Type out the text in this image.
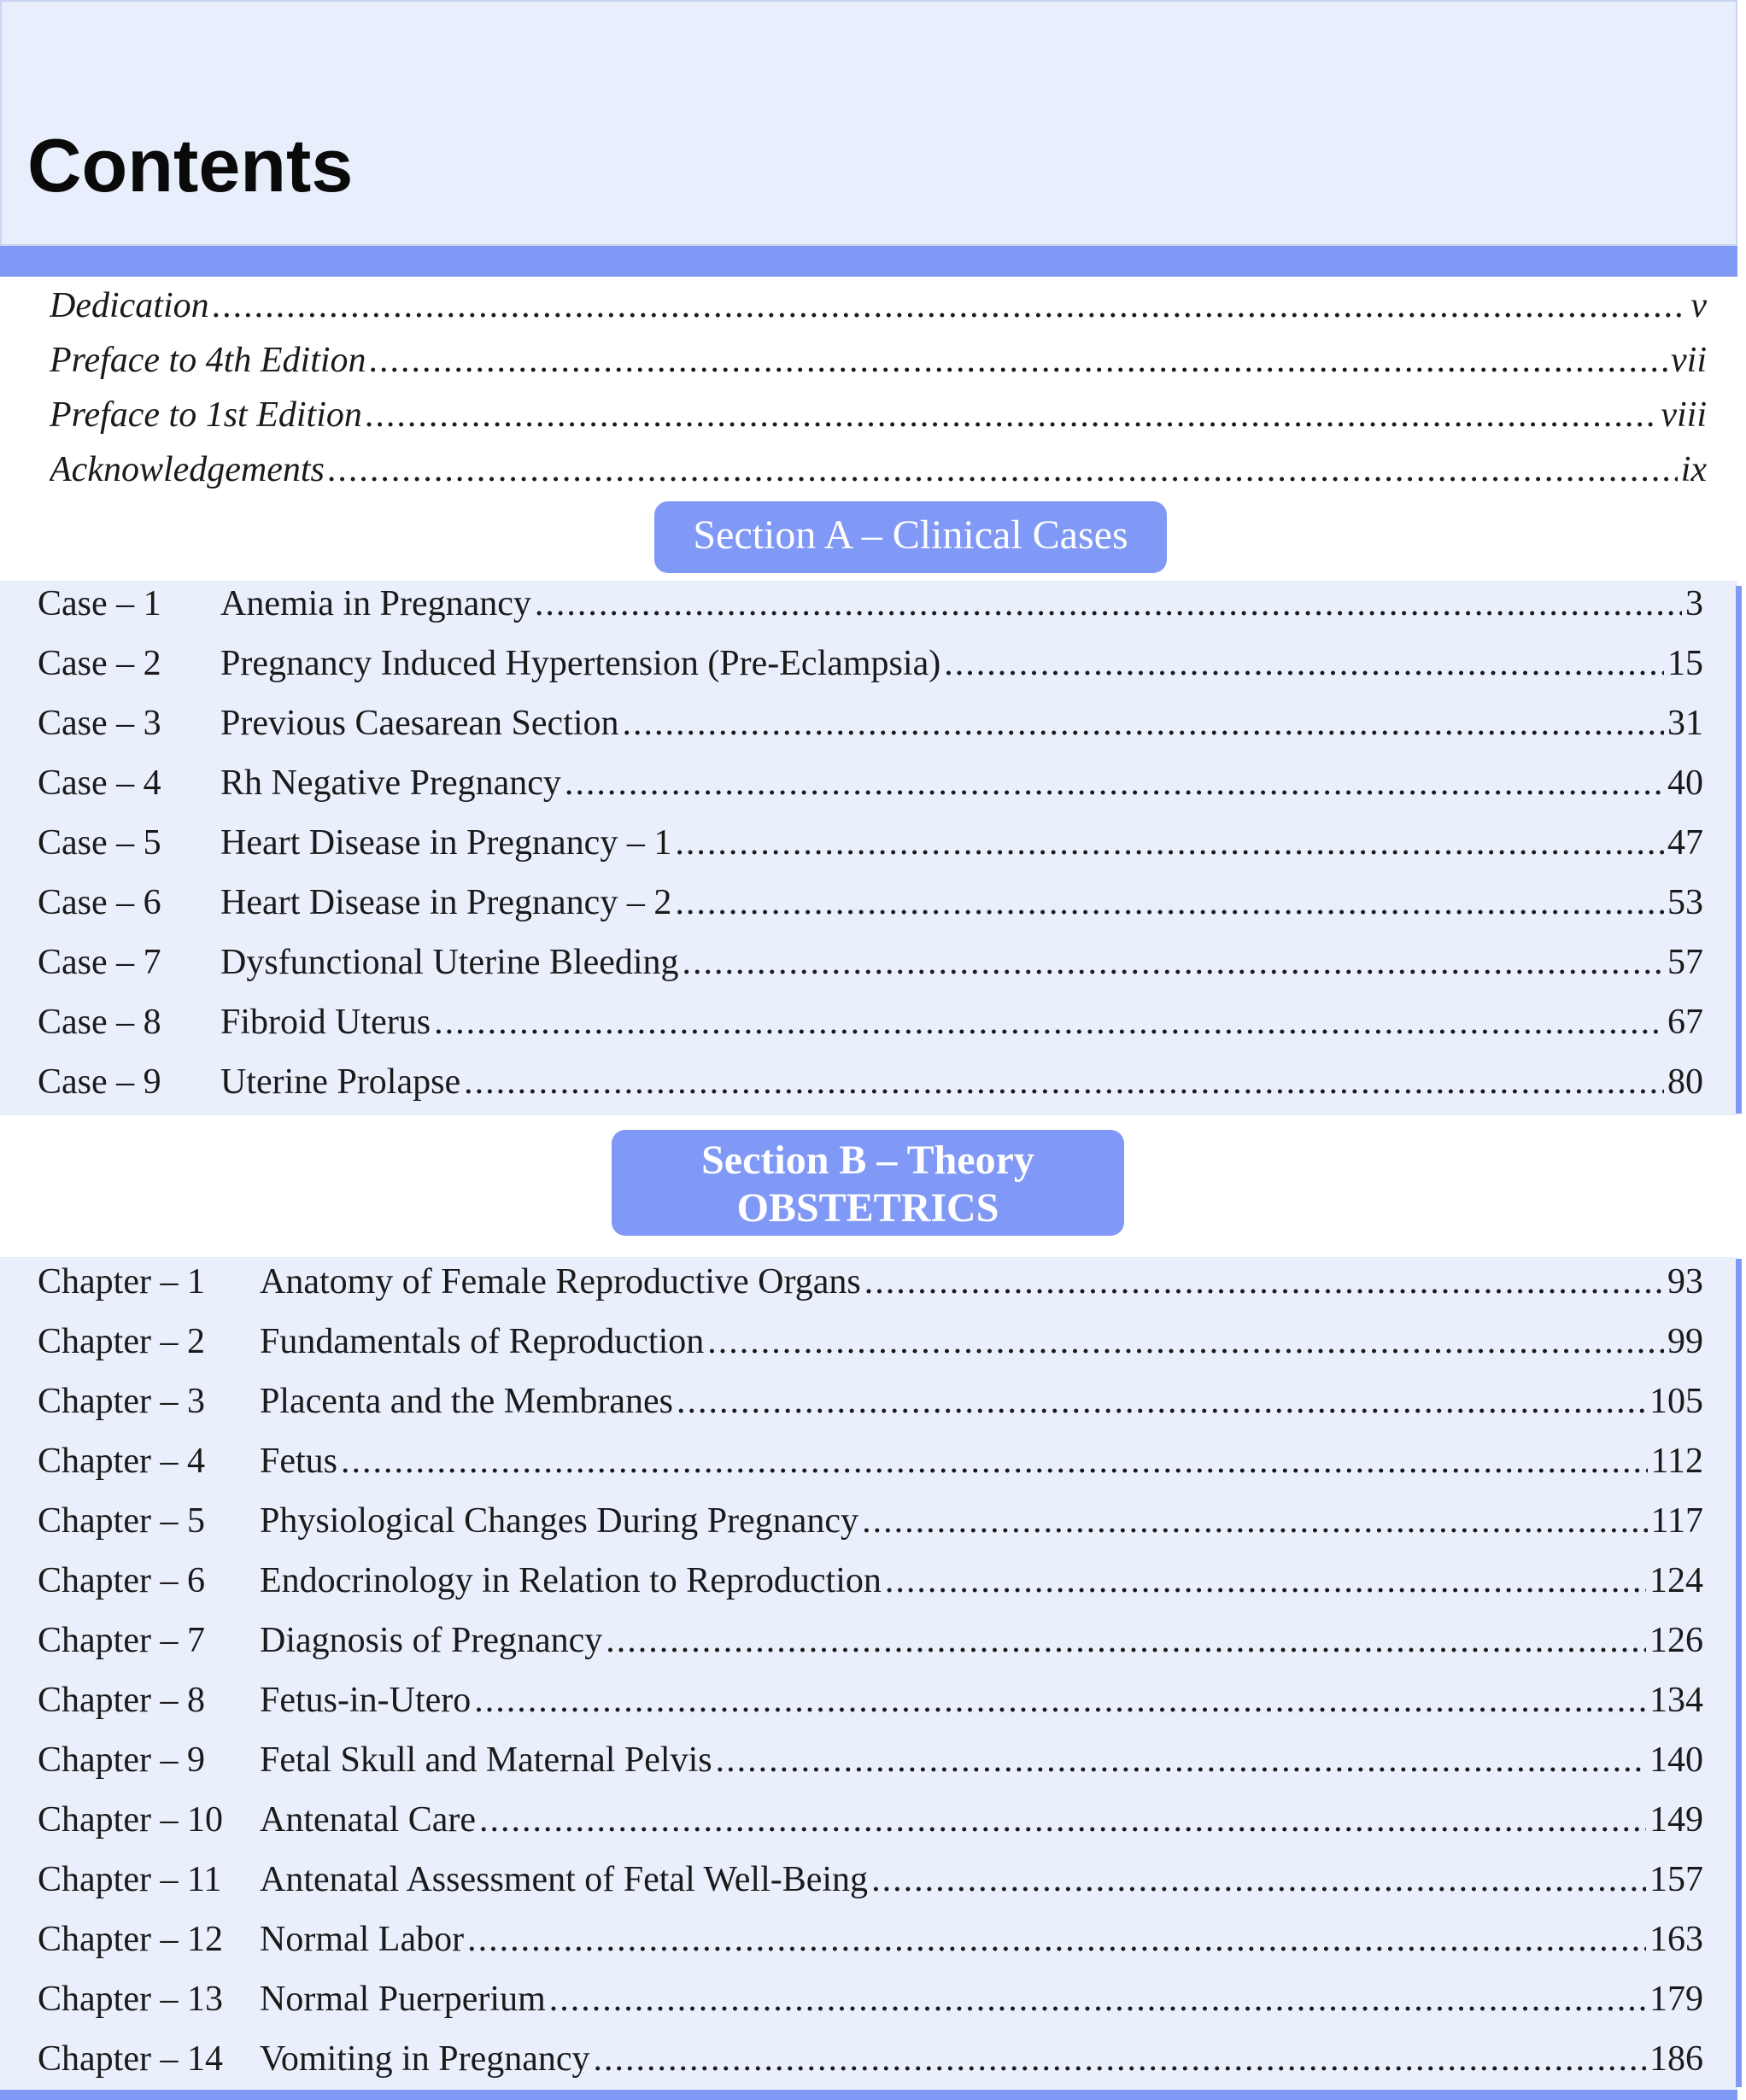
Contents
Dedication .....	v
Preface to 4th Edition .....	vii
Preface to 1st Edition .....	viii
Acknowledgements .....	ix
Section A – Clinical Cases
Case – 1	Anemia in Pregnancy .....	3
Case – 2	Pregnancy Induced Hypertension (Pre-Eclampsia) .....	15
Case – 3	Previous Caesarean Section .....	31
Case – 4	Rh Negative Pregnancy .....	40
Case – 5	Heart Disease in Pregnancy – 1 .....	47
Case – 6	Heart Disease in Pregnancy – 2 .....	53
Case – 7	Dysfunctional Uterine Bleeding .....	57
Case – 8	Fibroid Uterus .....	67
Case – 9	Uterine Prolapse .....	80
Section B – Theory
OBSTETRICS
Chapter – 1	Anatomy of Female Reproductive Organs .....	93
Chapter – 2	Fundamentals of Reproduction .....	99
Chapter – 3	Placenta and the Membranes .....	105
Chapter – 4	Fetus .....	112
Chapter – 5	Physiological Changes During Pregnancy .....	117
Chapter – 6	Endocrinology in Relation to Reproduction .....	124
Chapter – 7	Diagnosis of Pregnancy .....	126
Chapter – 8	Fetus-in-Utero .....	134
Chapter – 9	Fetal Skull and Maternal Pelvis .....	140
Chapter – 10	Antenatal Care .....	149
Chapter – 11	Antenatal Assessment of Fetal Well-Being .....	157
Chapter – 12	Normal Labor .....	163
Chapter – 13	Normal Puerperium .....	179
Chapter – 14	Vomiting in Pregnancy .....	186
